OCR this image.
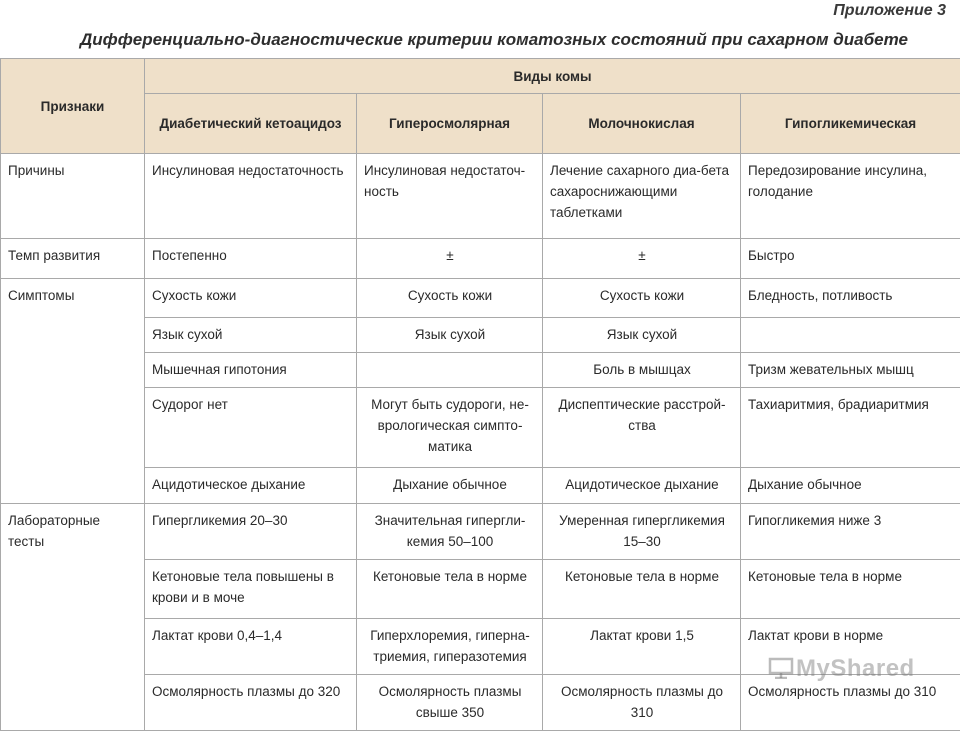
Приложение 3
Дифференциально-диагностические критерии коматозных состояний при сахарном диабете
Признаки	Виды комы			
	Диабетический кетоацидоз	Гиперосмолярная	Молочнокислая	Гипогликемическая
Причины	Инсулиновая недостаточность	Инсулиновая недостаточ-ность	Лечение сахарного диа-бета сахароснижающими таблетками	Передозирование инсулина, голодание
Темп развития	Постепенно	±	±	Быстро
Симптомы	Сухость кожи	Сухость кожи	Сухость кожи	Бледность, потливость
	Язык сухой	Язык сухой	Язык сухой	
	Мышечная гипотония		Боль в мышцах	Тризм жевательных мышц
	Судорог нет	Могут быть судороги, не-врологическая симпто-матика	Диспептические расстрой-ства	Тахиаритмия, брадиаритмия
	Ацидотическое дыхание	Дыхание обычное	Ацидотическое дыхание	Дыхание обычное
Лабораторные тесты	Гипергликемия 20–30	Значительная гипергли-кемия 50–100	Умеренная гипергликемия 15–30	Гипогликемия ниже 3
	Кетоновые тела повышены в крови и в моче	Кетоновые тела в норме	Кетоновые тела в норме	Кетоновые тела в норме
	Лактат крови 0,4–1,4	Гиперхлоремия, гиперна-триемия, гиперазотемия	Лактат крови 1,5	Лактат крови в норме
	Осмолярность плазмы до 320	Осмолярность плазмы свыше 350	Осмолярность плазмы до 310	Осмолярность плазмы до 310
MyShared
